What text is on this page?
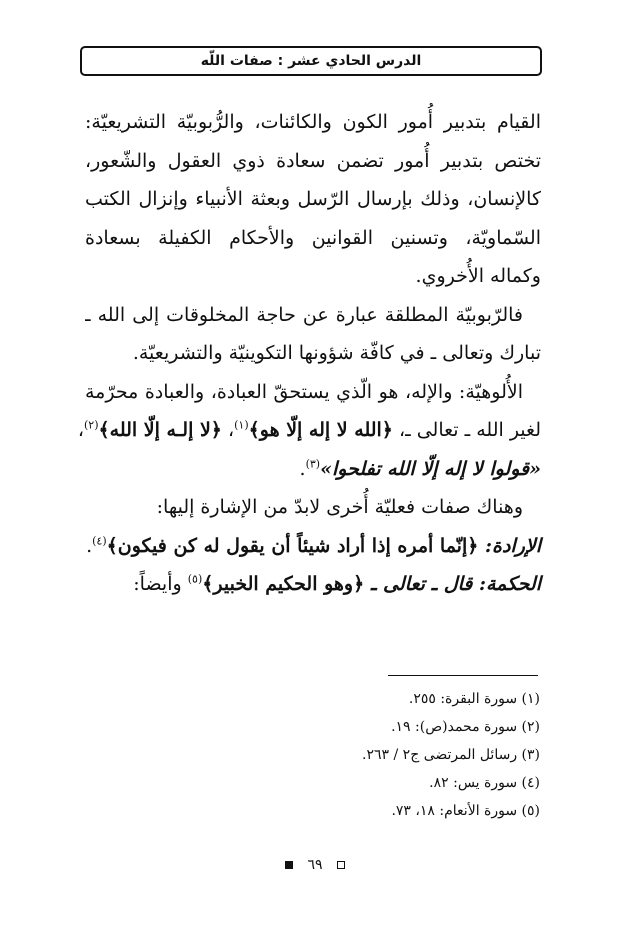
الدرس الحادي عشر : صفات اللّه
القيام بتدبير أُمور الكون والكائنات، والرُّبوبيّة التشريعيّة:
تختص بتدبير أُمور تضمن سعادة ذوي العقول والشّعور،
كالإنسان، وذلك بإرسال الرّسل وبعثة الأنبياء وإنزال الكتب
السّماويّة، وتسنين القوانين والأحكام الكفيلة بسعادة
وكماله الأُخروي.
فالرّبوبيّة المطلقة عبارة عن حاجة المخلوقات إلى الله ـ
تبارك وتعالى ـ في كافّة شؤونها التكوينيّة والتشريعيّة.
الأُلوهيّة: والإله، هو الّذي يستحقّ العبادة، والعبادة محرّمة
لغير الله ـ تعالى ـ، ﴿الله لا إله إلّا هو﴾$^{(١)}$، ﴿لا إلـه إلّا الله﴾$^{(٢)}$،
«قولوا لا إله إلّا الله تفلحوا»$^{(٣)}$.
وهناك صفات فعليّة أُخرى لابدّ من الإشارة إليها:
الإرادة: ﴿إنّما أمره إذا أراد شيئاً أن يقول له كن فيكون﴾$^{(٤)}$.
الحكمة: قال ـ تعالى ـ ﴿وهو الحكيم الخبير﴾$^{(٥)}$ وأيضاً:
(١) سورة البقرة: ٢٥٥.
(٢) سورة محمد(ص): ١٩.
(٣) رسائل المرتضى ج٢ / ٢٦٣.
(٤) سورة يس: ٨٢.
(٥) سورة الأنعام: ١٨، ٧٣.
٦٩
